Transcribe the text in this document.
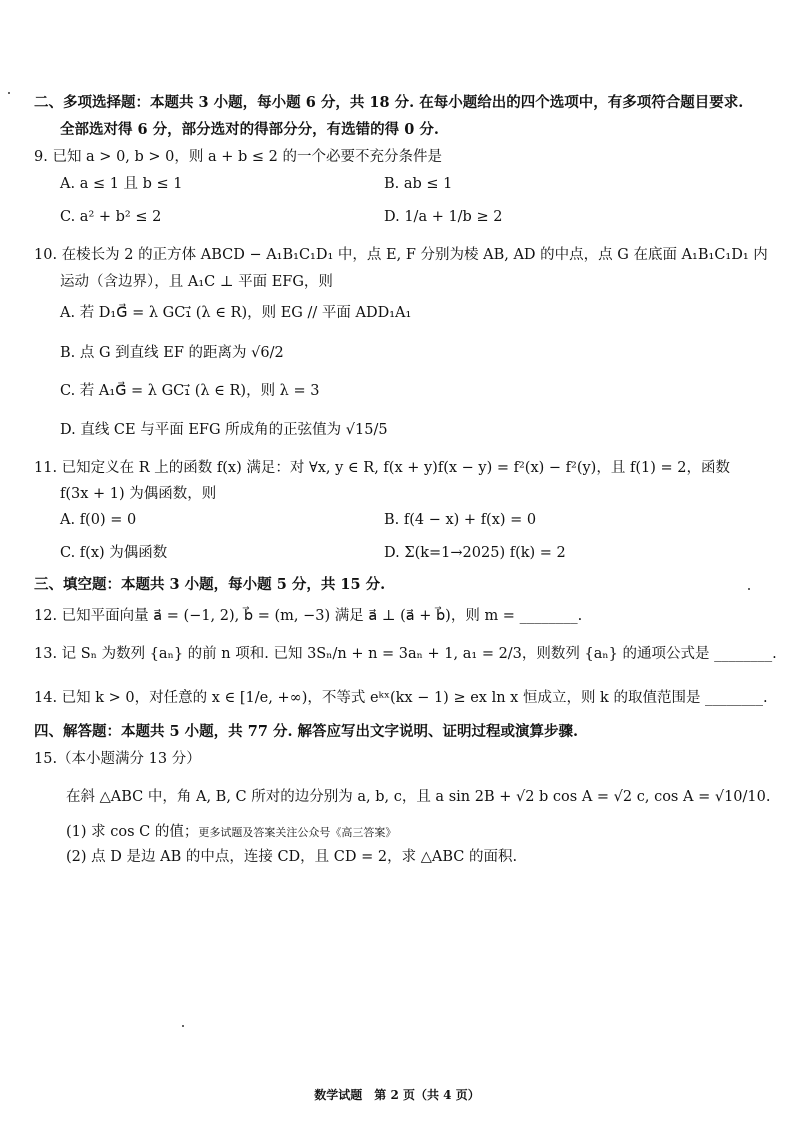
二、多项选择题：本题共 3 小题，每小题 6 分，共 18 分. 在每小题给出的四个选项中，有多项符合题目要求.
全部选对得 6 分，部分选对的得部分分，有选错的得 0 分.
9. 已知 a > 0, b > 0，则 a + b ≤ 2 的一个必要不充分条件是
A. a ≤ 1 且 b ≤ 1	B. ab ≤ 1
C. a² + b² ≤ 2	D. 1/a + 1/b ≥ 2
10. 在棱长为 2 的正方体 ABCD − A₁B₁C₁D₁ 中，点 E, F 分别为棱 AB, AD 的中点，点 G 在底面 A₁B₁C₁D₁ 内
运动（含边界），且 A₁C ⊥ 平面 EFG，则
A. 若 D₁G⃗ = λ GC₁⃗ (λ ∈ R)，则 EG // 平面 ADD₁A₁
B. 点 G 到直线 EF 的距离为 √6/2
C. 若 A₁G⃗ = λ GC₁⃗ (λ ∈ R)，则 λ = 3
D. 直线 CE 与平面 EFG 所成角的正弦值为 √15/5
11. 已知定义在 R 上的函数 f(x) 满足：对 ∀x, y ∈ R, f(x + y)f(x − y) = f²(x) − f²(y)，且 f(1) = 2，函数
f(3x + 1) 为偶函数，则
A. f(0) = 0	B. f(4 − x) + f(x) = 0
C. f(x) 为偶函数	D. Σ(k=1→2025) f(k) = 2
三、填空题：本题共 3 小题，每小题 5 分，共 15 分.
12. 已知平面向量 a⃗ = (−1, 2), b⃗ = (m, −3) 满足 a⃗ ⊥ (a⃗ + b⃗)，则 m = ________.
13. 记 Sₙ 为数列 {aₙ} 的前 n 项和. 已知 3Sₙ/n + n = 3aₙ + 1, a₁ = 2/3，则数列 {aₙ} 的通项公式是 ________.
14. 已知 k > 0，对任意的 x ∈ [1/e, +∞)，不等式 eᵏˣ(kx − 1) ≥ ex ln x 恒成立，则 k 的取值范围是 ________.
四、解答题：本题共 5 小题，共 77 分. 解答应写出文字说明、证明过程或演算步骤.
15.（本小题满分 13 分）
在斜 △ABC 中，角 A, B, C 所对的边分别为 a, b, c，且 a sin 2B + √2 b cos A = √2 c, cos A = √10/10.
(1) 求 cos C 的值；更多试题及答案关注公众号《高三答案》
(2) 点 D 是边 AB 的中点，连接 CD，且 CD = 2，求 △ABC 的面积.
数学试题　第 2 页（共 4 页）
